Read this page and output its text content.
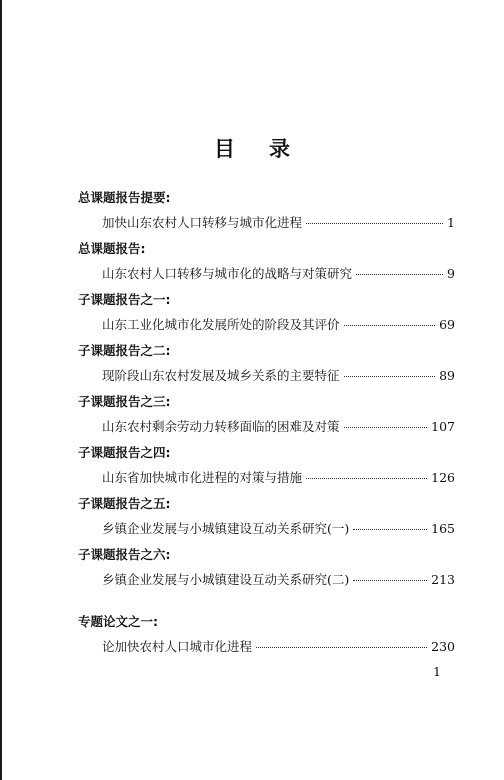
目 录
总课题报告提要:
加快山东农村人口转移与城市化进程	1
总课题报告:
山东农村人口转移与城市化的战略与对策研究	9
子课题报告之一:
山东工业化城市化发展所处的阶段及其评价	69
子课题报告之二:
现阶段山东农村发展及城乡关系的主要特征	89
子课题报告之三:
山东农村剩余劳动力转移面临的困难及对策	107
子课题报告之四:
山东省加快城市化进程的对策与措施	126
子课题报告之五:
乡镇企业发展与小城镇建设互动关系研究(一)	165
子课题报告之六:
乡镇企业发展与小城镇建设互动关系研究(二)	213
专题论文之一:
论加快农村人口城市化进程	230
1
